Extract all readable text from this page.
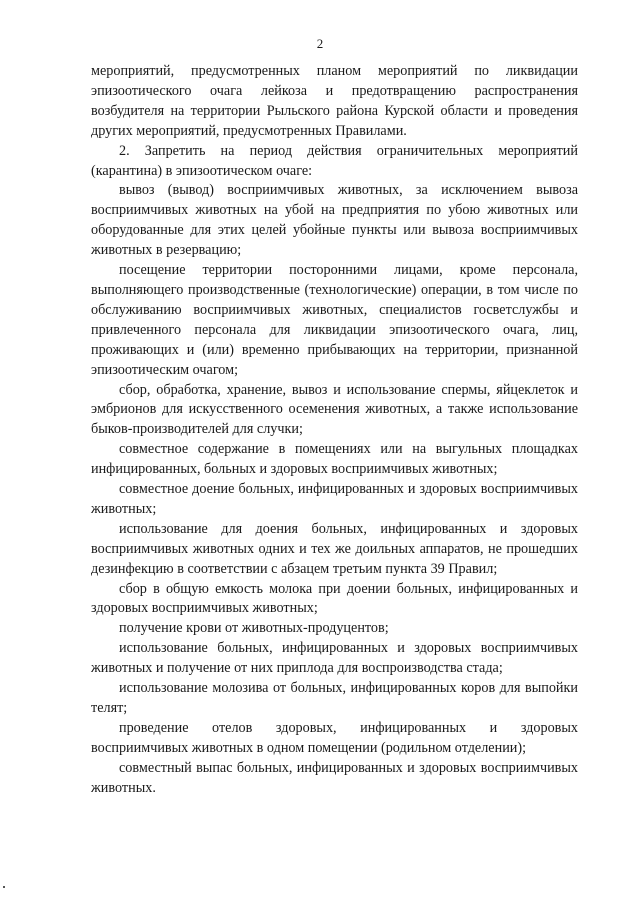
2

мероприятий, предусмотренных планом мероприятий по ликвидации эпизоотического очага лейкоза и предотвращению распространения возбудителя на территории Рыльского района Курской области и проведения других мероприятий, предусмотренных Правилами.

2. Запретить на период действия ограничительных мероприятий (карантина) в эпизоотическом очаге:

вывоз (вывод) восприимчивых животных, за исключением вывоза восприимчивых животных на убой на предприятия по убою животных или оборудованные для этих целей убойные пункты или вывоза восприимчивых животных в резервацию;

посещение территории посторонними лицами, кроме персонала, выполняющего производственные (технологические) операции, в том числе по обслуживанию восприимчивых животных, специалистов госветслужбы и привлеченного персонала для ликвидации эпизоотического очага, лиц, проживающих и (или) временно прибывающих на территории, признанной эпизоотическим очагом;

сбор, обработка, хранение, вывоз и использование спермы, яйцеклеток и эмбрионов для искусственного осеменения животных, а также использование быков-производителей для случки;

совместное содержание в помещениях или на выгульных площадках инфицированных, больных и здоровых восприимчивых животных;

совместное доение больных, инфицированных и здоровых восприимчивых животных;

использование для доения больных, инфицированных и здоровых восприимчивых животных одних и тех же доильных аппаратов, не прошедших дезинфекцию в соответствии с абзацем третьим пункта 39 Правил;

сбор в общую емкость молока при доении больных, инфицированных и здоровых восприимчивых животных;

получение крови от животных-продуцентов;

использование больных, инфицированных и здоровых восприимчивых животных и получение от них приплода для воспроизводства стада;

использование молозива от больных, инфицированных коров для выпойки телят;

проведение отелов здоровых, инфицированных и здоровых восприимчивых животных в одном помещении (родильном отделении);

совместный выпас больных, инфицированных и здоровых восприимчивых животных.
